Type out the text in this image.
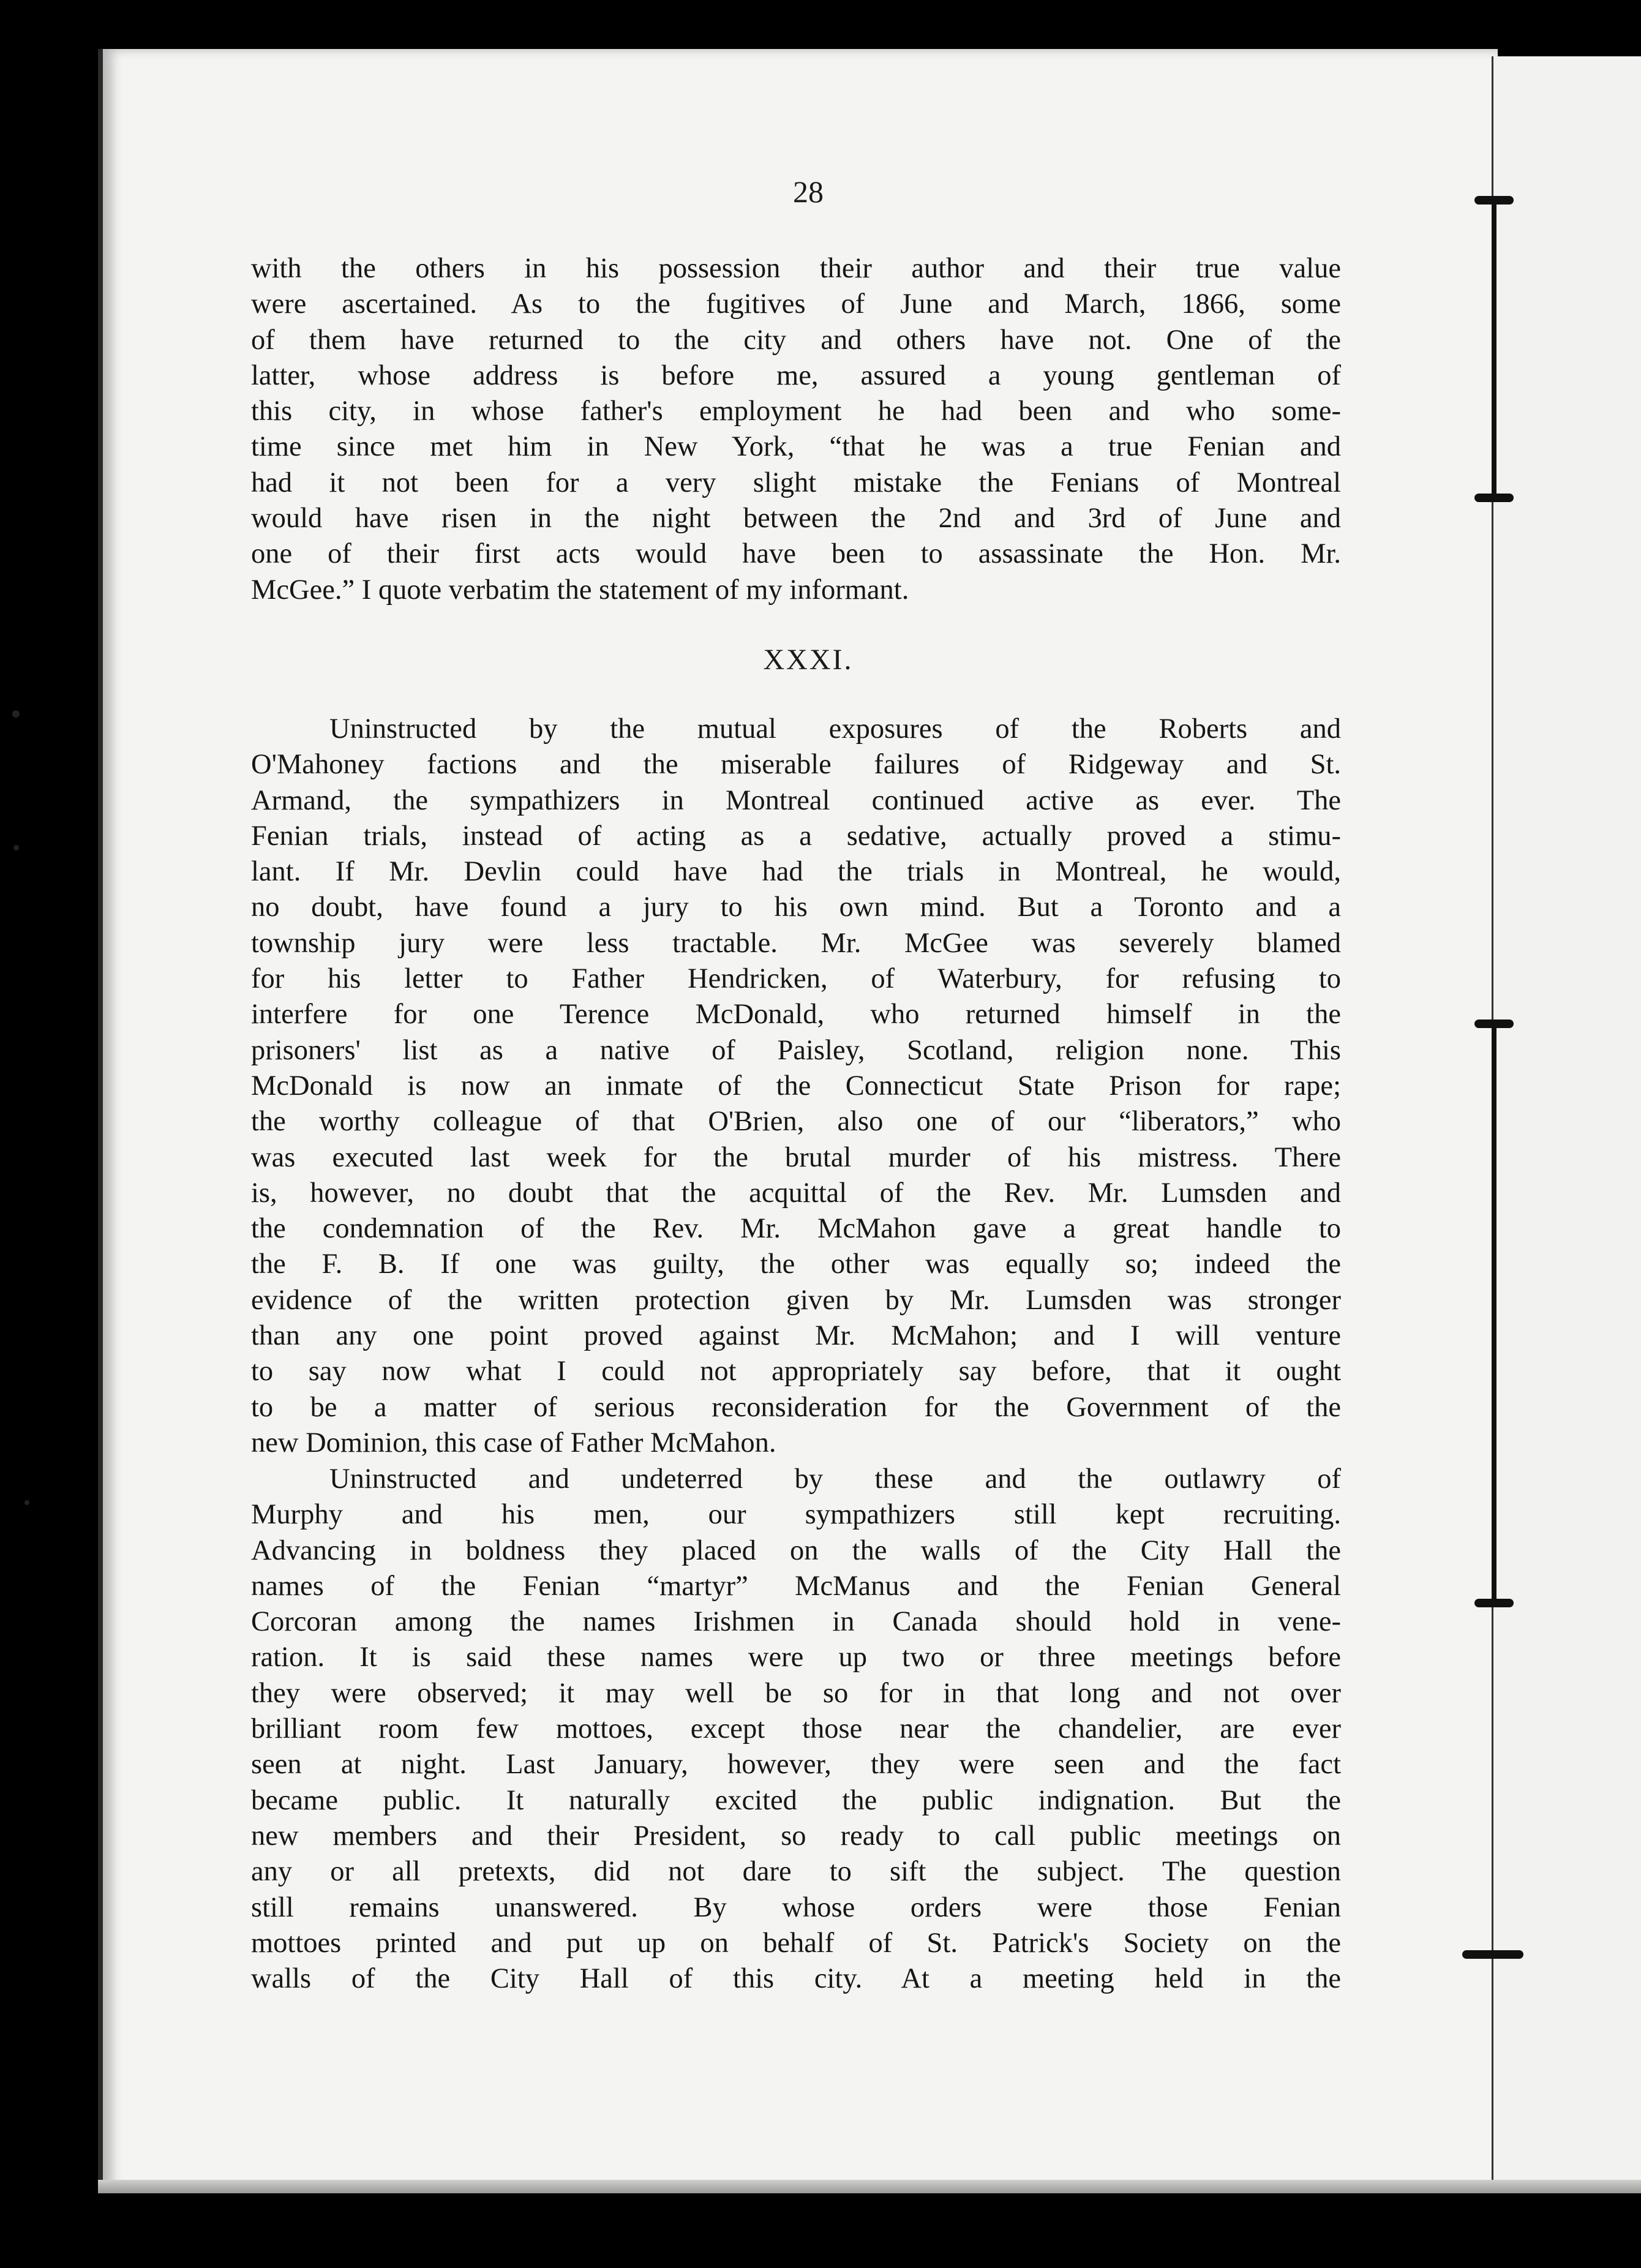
28
with the others in his possession their author and their true value
were ascertained. As to the fugitives of June and March, 1866, some
of them have returned to the city and others have not. One of the
latter, whose address is before me, assured a young gentleman of
this city, in whose father's employment he had been and who some-
time since met him in New York, “that he was a true Fenian and
had it not been for a very slight mistake the Fenians of Montreal
would have risen in the night between the 2nd and 3rd of June and
one of their first acts would have been to assassinate the Hon. Mr.
McGee.” I quote verbatim the statement of my informant.
XXXI.
Uninstructed by the mutual exposures of the Roberts and
O'Mahoney factions and the miserable failures of Ridgeway and St.
Armand, the sympathizers in Montreal continued active as ever. The
Fenian trials, instead of acting as a sedative, actually proved a stimu-
lant. If Mr. Devlin could have had the trials in Montreal, he would,
no doubt, have found a jury to his own mind. But a Toronto and a
township jury were less tractable. Mr. McGee was severely blamed
for his letter to Father Hendricken, of Waterbury, for refusing to
interfere for one Terence McDonald, who returned himself in the
prisoners' list as a native of Paisley, Scotland, religion none. This
McDonald is now an inmate of the Connecticut State Prison for rape;
the worthy colleague of that O'Brien, also one of our “liberators,” who
was executed last week for the brutal murder of his mistress. There
is, however, no doubt that the acquittal of the Rev. Mr. Lumsden and
the condemnation of the Rev. Mr. McMahon gave a great handle to
the F. B. If one was guilty, the other was equally so; indeed the
evidence of the written protection given by Mr. Lumsden was stronger
than any one point proved against Mr. McMahon; and I will venture
to say now what I could not appropriately say before, that it ought
to be a matter of serious reconsideration for the Government of the
new Dominion, this case of Father McMahon.
Uninstructed and undeterred by these and the outlawry of
Murphy and his men, our sympathizers still kept recruiting.
Advancing in boldness they placed on the walls of the City Hall the
names of the Fenian “martyr” McManus and the Fenian General
Corcoran among the names Irishmen in Canada should hold in vene-
ration. It is said these names were up two or three meetings before
they were observed; it may well be so for in that long and not over
brilliant room few mottoes, except those near the chandelier, are ever
seen at night. Last January, however, they were seen and the fact
became public. It naturally excited the public indignation. But the
new members and their President, so ready to call public meetings on
any or all pretexts, did not dare to sift the subject. The question
still remains unanswered. By whose orders were those Fenian
mottoes printed and put up on behalf of St. Patrick's Society on the
walls of the City Hall of this city. At a meeting held in the
